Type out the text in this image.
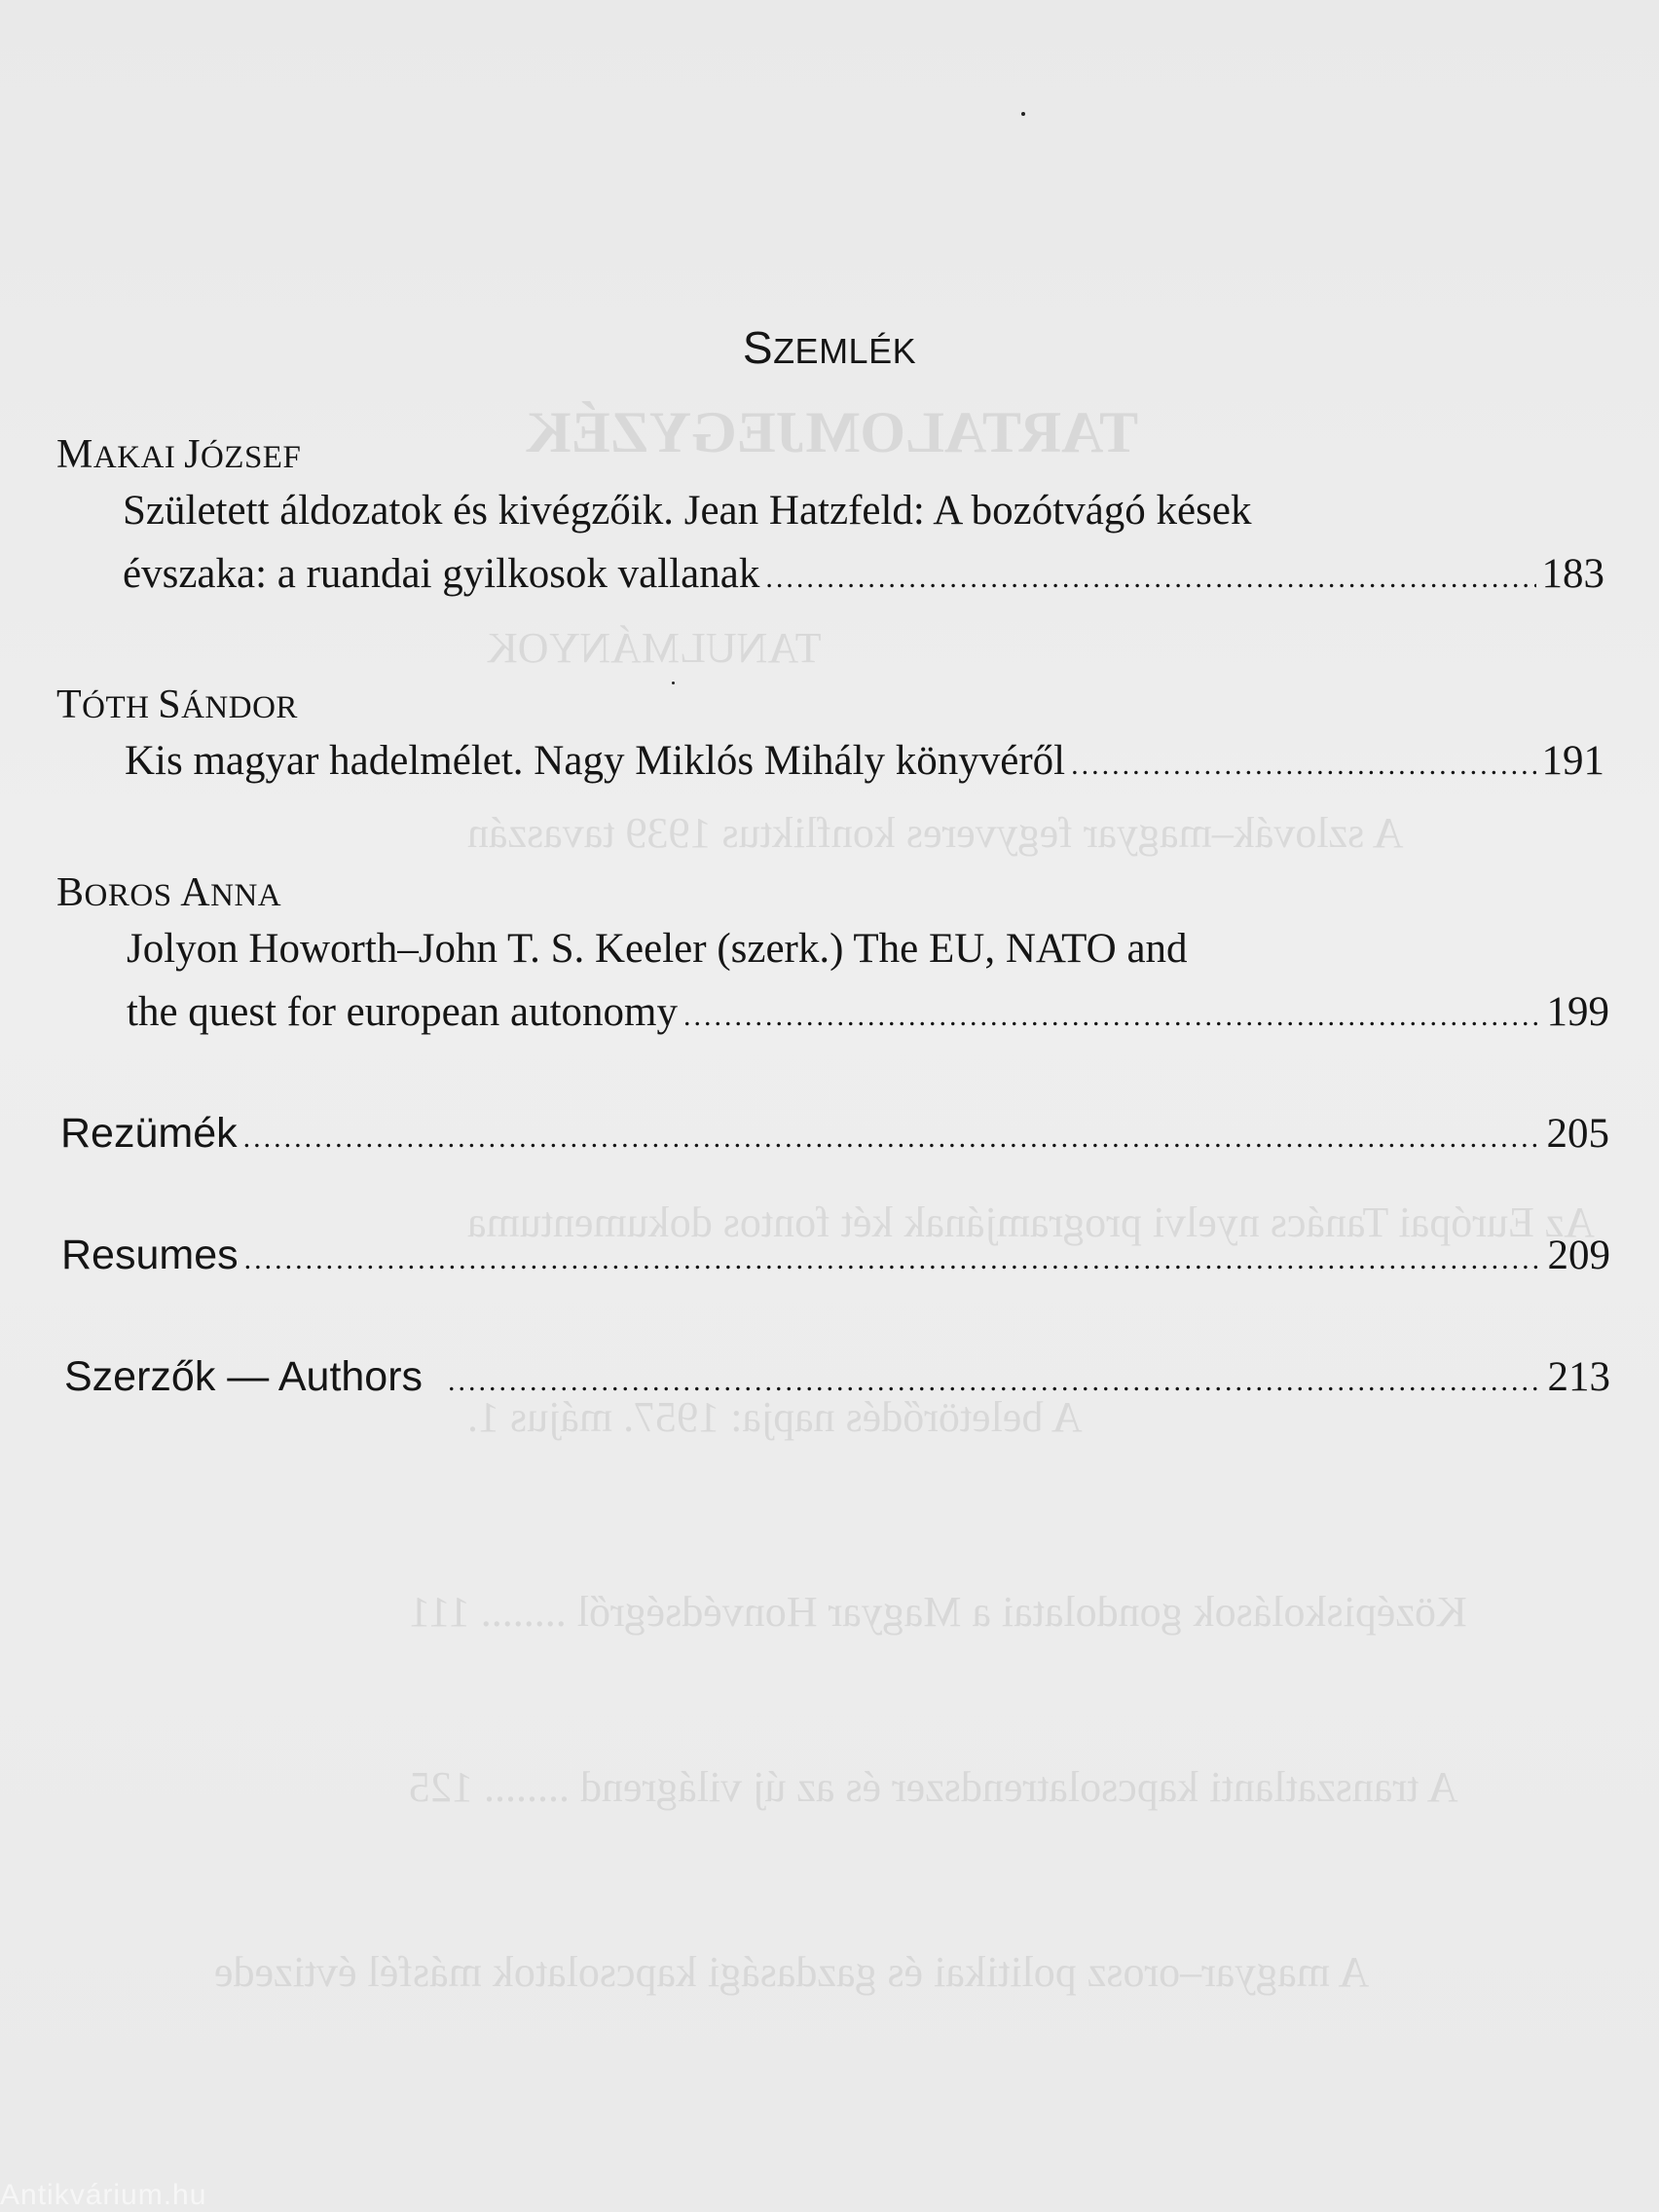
TARTALOMJEGYZÉK
TANULMÁNYOK
A szlovák–magyar fegyveres konfliktus 1939 tavaszán
Az Európai Tanács nyelvi programjának két fontos dokumentuma
A beletörődés napja: 1957. május 1.
Középiskolások gondolatai a Magyar Honvédségről ........ 111
A transzatlanti kapcsolatrendszer és az új világrend ........ 125
A magyar–orosz politikai és gazdasági kapcsolatok másfél évtizede
SZEMLÉK
MAKAI JÓZSEF
Született áldozatok és kivégzőik. Jean Hatzfeld: A bozótvágó kések
évszaka: a ruandai gyilkosok vallanak .....	183
TÓTH SÁNDOR
Kis magyar hadelmélet. Nagy Miklós Mihály könyvéről .....	191
BOROS ANNA
Jolyon Howorth–John T. S. Keeler (szerk.) The EU, NATO and
the quest for european autonomy .....	199
Rezümék .....	205
Resumes .....	209
Szerzők — Authors .....	213
Antikvárium.hu
